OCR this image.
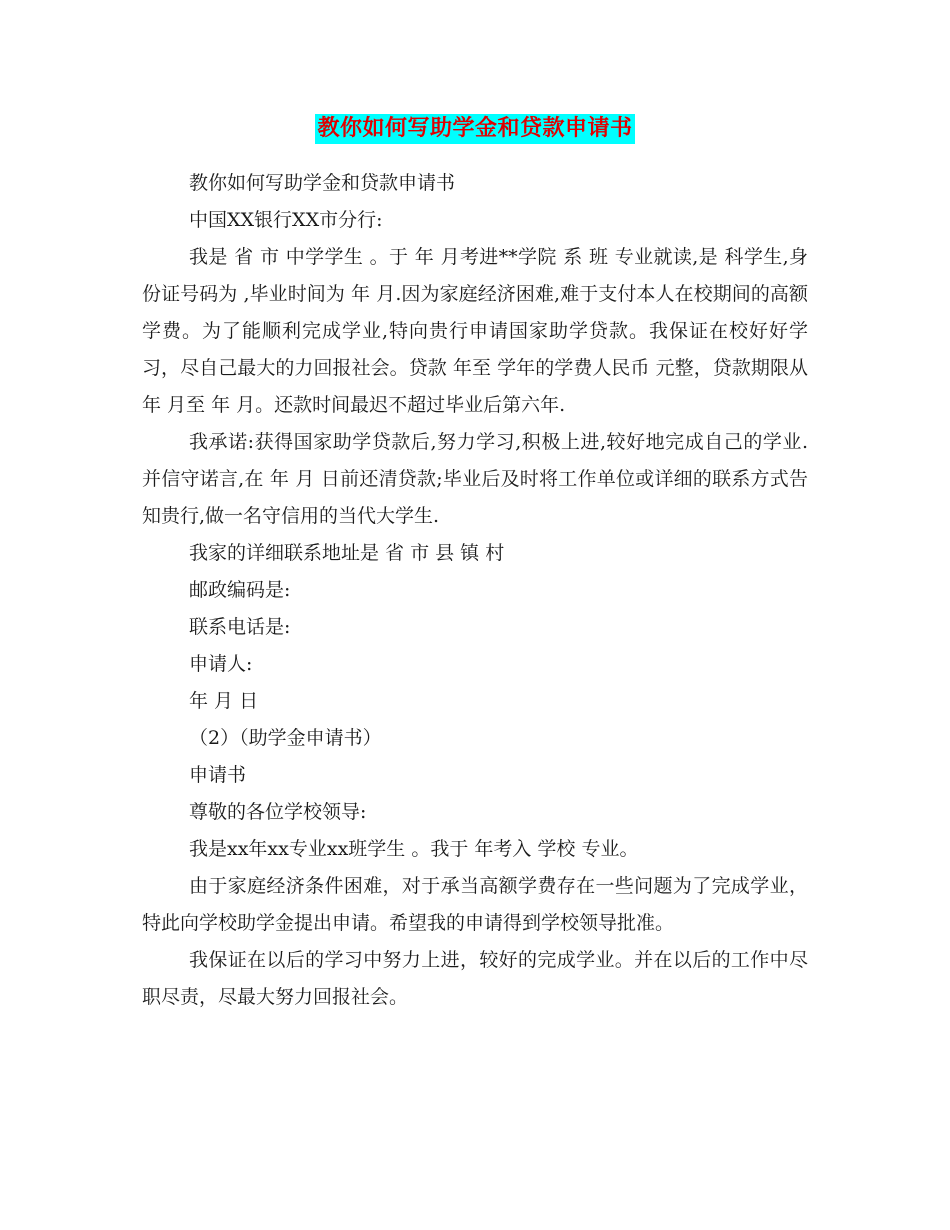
教你如何写助学金和贷款申请书

教你如何写助学金和贷款申请书

中国XX银行XX市分行:

我是 省 市 中学学生 。于 年 月考进**学院 系 班 专业就读,是 科学生,身份证号码为 ,毕业时间为 年 月.因为家庭经济困难,难于支付本人在校期间的高额学费。为了能顺利完成学业,特向贵行申请国家助学贷款。我保证在校好好学习，尽自己最大的力回报社会。贷款 年至 学年的学费人民币 元整，贷款期限从 年 月至 年 月。还款时间最迟不超过毕业后第六年.

我承诺:获得国家助学贷款后,努力学习,积极上进,较好地完成自己的学业.并信守诺言,在 年 月 日前还清贷款;毕业后及时将工作单位或详细的联系方式告知贵行,做一名守信用的当代大学生.

我家的详细联系地址是 省 市 县 镇 村

邮政编码是:

联系电话是:

申请人:

年 月 日

（2）（助学金申请书）

申请书

尊敬的各位学校领导:

我是xx年xx专业xx班学生 。我于 年考入 学校 专业。

由于家庭经济条件困难，对于承当高额学费存在一些问题为了完成学业，特此向学校助学金提出申请。希望我的申请得到学校领导批准。

我保证在以后的学习中努力上进，较好的完成学业。并在以后的工作中尽职尽责，尽最大努力回报社会。
